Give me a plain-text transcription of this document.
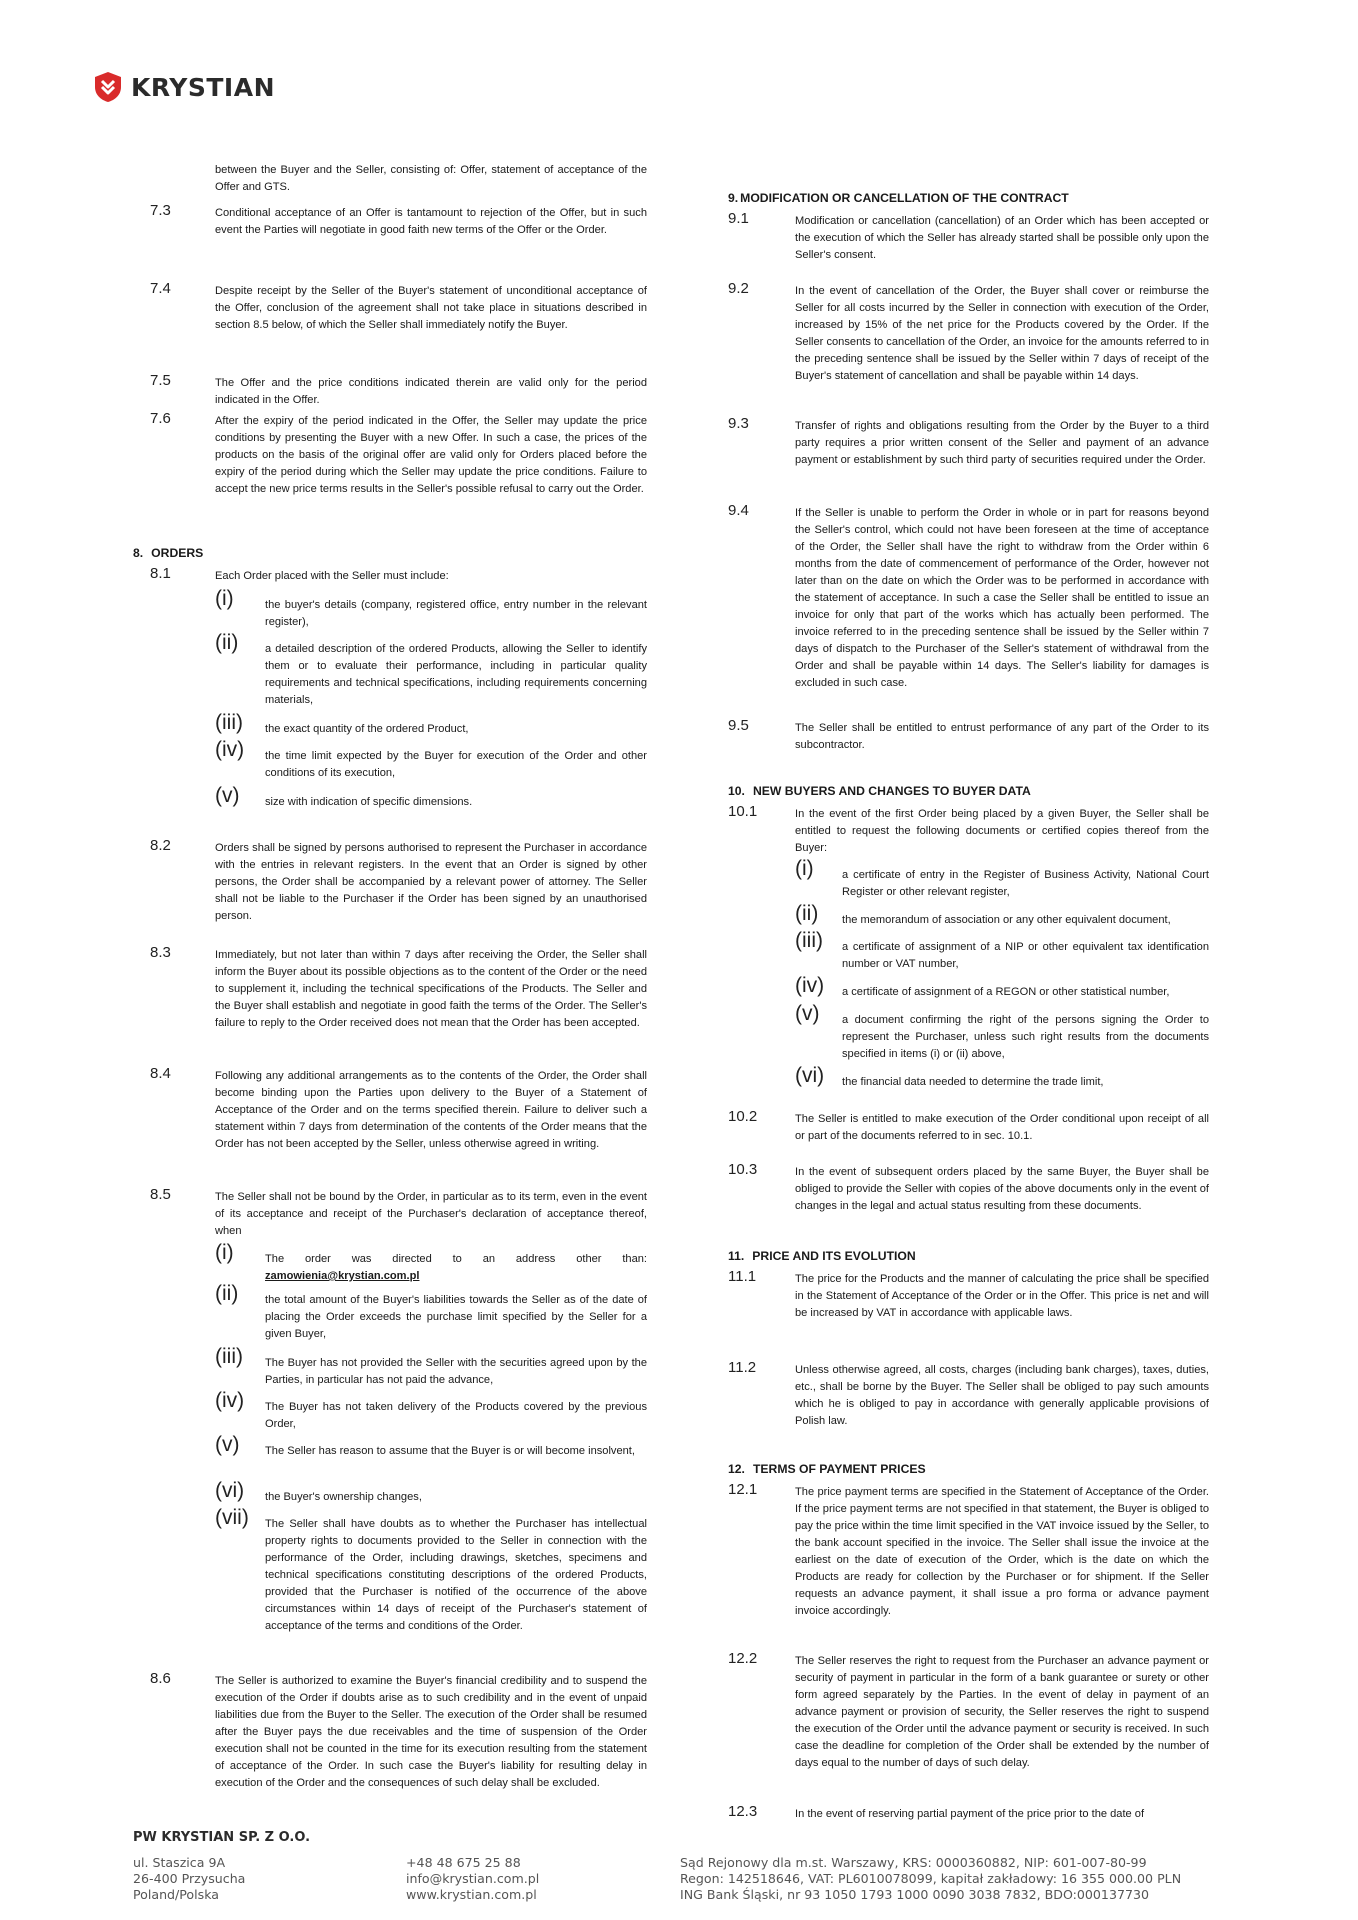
KRYSTIAN
between the Buyer and the Seller, consisting of: Offer, statement of acceptance of the Offer and GTS.
7.3	Conditional acceptance of an Offer is tantamount to rejection of the Offer, but in such event the Parties will negotiate in good faith new terms of the Offer or the Order.
7.4	Despite receipt by the Seller of the Buyer's statement of unconditional acceptance of the Offer, conclusion of the agreement shall not take place in situations described in section 8.5 below, of which the Seller shall immediately notify the Buyer.
7.5	The Offer and the price conditions indicated therein are valid only for the period indicated in the Offer.
7.6	After the expiry of the period indicated in the Offer, the Seller may update the price conditions by presenting the Buyer with a new Offer. In such a case, the prices of the products on the basis of the original offer are valid only for Orders placed before the expiry of the period during which the Seller may update the price conditions. Failure to accept the new price terms results in the Seller's possible refusal to carry out the Order.
8. ORDERS
8.1	Each Order placed with the Seller must include:
(i)	the buyer's details (company, registered office, entry number in the relevant register),
(ii) a detailed description of the ordered Products, allowing the Seller to identify them or to evaluate their performance, including in particular quality requirements and technical specifications, including requirements concerning materials,
(iii) the exact quantity of the ordered Product,
(iv) the time limit expected by the Buyer for execution of the Order and other conditions of its execution,
(v) size with indication of specific dimensions.
8.2	Orders shall be signed by persons authorised to represent the Purchaser in accordance with the entries in relevant registers. In the event that an Order is signed by other persons, the Order shall be accompanied by a relevant power of attorney. The Seller shall not be liable to the Purchaser if the Order has been signed by an unauthorised person.
8.3	Immediately, but not later than within 7 days after receiving the Order, the Seller shall inform the Buyer about its possible objections as to the content of the Order or the need to supplement it, including the technical specifications of the Products. The Seller and the Buyer shall establish and negotiate in good faith the terms of the Order. The Seller's failure to reply to the Order received does not mean that the Order has been accepted.
8.4	Following any additional arrangements as to the contents of the Order, the Order shall become binding upon the Parties upon delivery to the Buyer of a Statement of Acceptance of the Order and on the terms specified therein. Failure to deliver such a statement within 7 days from determination of the contents of the Order means that the Order has not been accepted by the Seller, unless otherwise agreed in writing.
8.5	The Seller shall not be bound by the Order, in particular as to its term, even in the event of its acceptance and receipt of the Purchaser's declaration of acceptance thereof, when
(i)	The order was directed to an address other than:
zamowienia@krystian.com.pl
(ii) the total amount of the Buyer's liabilities towards the Seller as of the date of placing the Order exceeds the purchase limit specified by the Seller for a given Buyer,
(iii) The Buyer has not provided the Seller with the securities agreed upon by the Parties, in particular has not paid the advance,
(iv) The Buyer has not taken delivery of the Products covered by the previous Order,
(v) The Seller has reason to assume that the Buyer is or will become insolvent,
(vi) the Buyer's ownership changes,
(vii) The Seller shall have doubts as to whether the Purchaser has intellectual property rights to documents provided to the Seller in connection with the performance of the Order, including drawings, sketches, specimens and technical specifications constituting descriptions of the ordered Products, provided that the Purchaser is notified of the occurrence of the above circumstances within 14 days of receipt of the Purchaser's statement of acceptance of the terms and conditions of the Order.
8.6	The Seller is authorized to examine the Buyer's financial credibility and to suspend the execution of the Order if doubts arise as to such credibility and in the event of unpaid liabilities due from the Buyer to the Seller. The execution of the Order shall be resumed after the Buyer pays the due receivables and the time of suspension of the Order execution shall not be counted in the time for its execution resulting from the statement of acceptance of the Order. In such case the Buyer's liability for resulting delay in execution of the Order and the consequences of such delay shall be excluded.
9. MODIFICATION OR CANCELLATION OF THE CONTRACT
9.1	Modification or cancellation (cancellation) of an Order which has been accepted or the execution of which the Seller has already started shall be possible only upon the Seller's consent.
9.2	In the event of cancellation of the Order, the Buyer shall cover or reimburse the Seller for all costs incurred by the Seller in connection with execution of the Order, increased by 15% of the net price for the Products covered by the Order. If the Seller consents to cancellation of the Order, an invoice for the amounts referred to in the preceding sentence shall be issued by the Seller within 7 days of receipt of the Buyer's statement of cancellation and shall be payable within 14 days.
9.3	Transfer of rights and obligations resulting from the Order by the Buyer to a third party requires a prior written consent of the Seller and payment of an advance payment or establishment by such third party of securities required under the Order.
9.4	If the Seller is unable to perform the Order in whole or in part for reasons beyond the Seller's control, which could not have been foreseen at the time of acceptance of the Order, the Seller shall have the right to withdraw from the Order within 6 months from the date of commencement of performance of the Order, however not later than on the date on which the Order was to be performed in accordance with the statement of acceptance. In such a case the Seller shall be entitled to issue an invoice for only that part of the works which has actually been performed. The invoice referred to in the preceding sentence shall be issued by the Seller within 7 days of dispatch to the Purchaser of the Seller's statement of withdrawal from the Order and shall be payable within 14 days. The Seller's liability for damages is excluded in such case.
9.5	The Seller shall be entitled to entrust performance of any part of the Order to its subcontractor.
10. NEW BUYERS AND CHANGES TO BUYER DATA
10.1	In the event of the first Order being placed by a given Buyer, the Seller shall be entitled to request the following documents or certified copies thereof from the Buyer:
(i)	a certificate of entry in the Register of Business Activity, National Court Register or other relevant register,
(ii) the memorandum of association or any other equivalent document,
(iii) a certificate of assignment of a NIP or other equivalent tax identification number or VAT number,
(iv) a certificate of assignment of a REGON or other statistical number,
(v) a document confirming the right of the persons signing the Order to represent the Purchaser, unless such right results from the documents specified in items (i) or (ii) above,
(vi) the financial data needed to determine the trade limit,
10.2	The Seller is entitled to make execution of the Order conditional upon receipt of all or part of the documents referred to in sec. 10.1.
10.3	In the event of subsequent orders placed by the same Buyer, the Buyer shall be obliged to provide the Seller with copies of the above documents only in the event of changes in the legal and actual status resulting from these documents.
11. PRICE AND ITS EVOLUTION
11.1	The price for the Products and the manner of calculating the price shall be specified in the Statement of Acceptance of the Order or in the Offer. This price is net and will be increased by VAT in accordance with applicable laws.
11.2	Unless otherwise agreed, all costs, charges (including bank charges), taxes, duties, etc., shall be borne by the Buyer. The Seller shall be obliged to pay such amounts which he is obliged to pay in accordance with generally applicable provisions of Polish law.
12. TERMS OF PAYMENT PRICES
12.1	The price payment terms are specified in the Statement of Acceptance of the Order. If the price payment terms are not specified in that statement, the Buyer is obliged to pay the price within the time limit specified in the VAT invoice issued by the Seller, to the bank account specified in the invoice. The Seller shall issue the invoice at the earliest on the date of execution of the Order, which is the date on which the Products are ready for collection by the Purchaser or for shipment. If the Seller requests an advance payment, it shall issue a pro forma or advance payment invoice accordingly.
12.2	The Seller reserves the right to request from the Purchaser an advance payment or security of payment in particular in the form of a bank guarantee or surety or other form agreed separately by the Parties. In the event of delay in payment of an advance payment or provision of security, the Seller reserves the right to suspend the execution of the Order until the advance payment or security is received. In such case the deadline for completion of the Order shall be extended by the number of days equal to the number of days of such delay.
12.3	In the event of reserving partial payment of the price prior to the date of
PW KRYSTIAN SP. Z O.O.
ul. Staszica 9A
26-400 Przysucha
Poland/Polska
+48 48 675 25 88
info@krystian.com.pl
www.krystian.com.pl
Sąd Rejonowy dla m.st. Warszawy, KRS: 0000360882, NIP: 601-007-80-99
Regon: 142518646, VAT: PL6010078099, kapitał zakładowy: 16 355 000.00 PLN
ING Bank Śląski, nr 93 1050 1793 1000 0090 3038 7832, BDO:000137730
